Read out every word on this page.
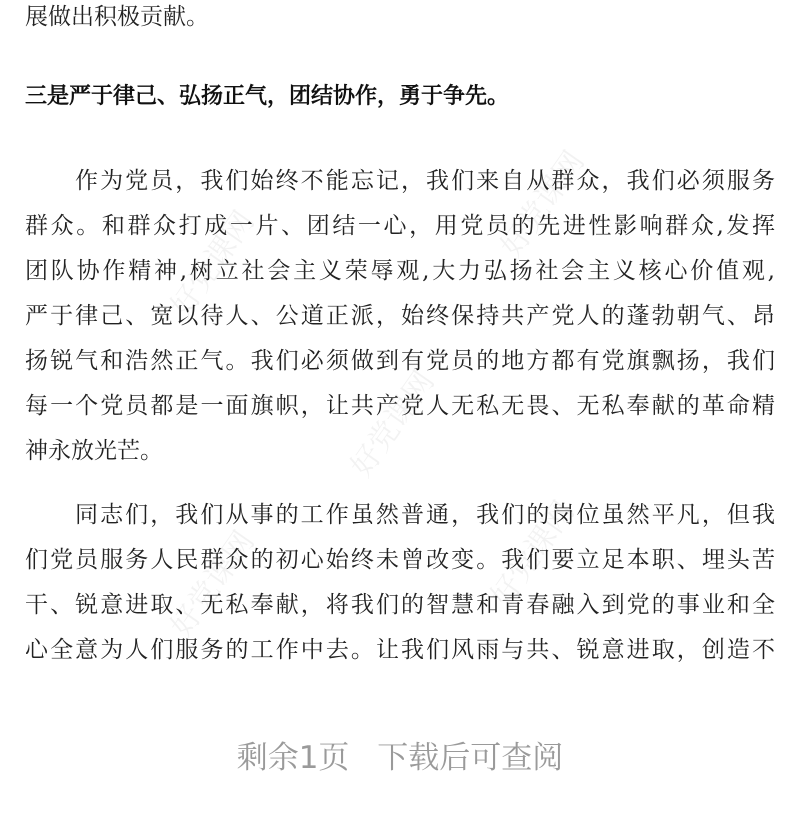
好党课网
好党课网
好党课网
好党课网	好党课网
展做出积极贡献。
三是严于律己、弘扬正气，团结协作，勇于争先。
作为党员，我们始终不能忘记，我们来自从群众，我们必须服务
群众。和群众打成一片、团结一心，用党员的先进性影响群众,发挥
团队协作精神,树立社会主义荣辱观,大力弘扬社会主义核心价值观,
严于律己、宽以待人、公道正派，始终保持共产党人的蓬勃朝气、昂
扬锐气和浩然正气。我们必须做到有党员的地方都有党旗飘扬，我们
每一个党员都是一面旗帜，让共产党人无私无畏、无私奉献的革命精
神永放光芒。
同志们，我们从事的工作虽然普通，我们的岗位虽然平凡，但我
们党员服务人民群众的初心始终未曾改变。我们要立足本职、埋头苦
干、锐意进取、无私奉献，将我们的智慧和青春融入到党的事业和全
心全意为人们服务的工作中去。让我们风雨与共、锐意进取，创造不
剩余1页 下载后可查阅
